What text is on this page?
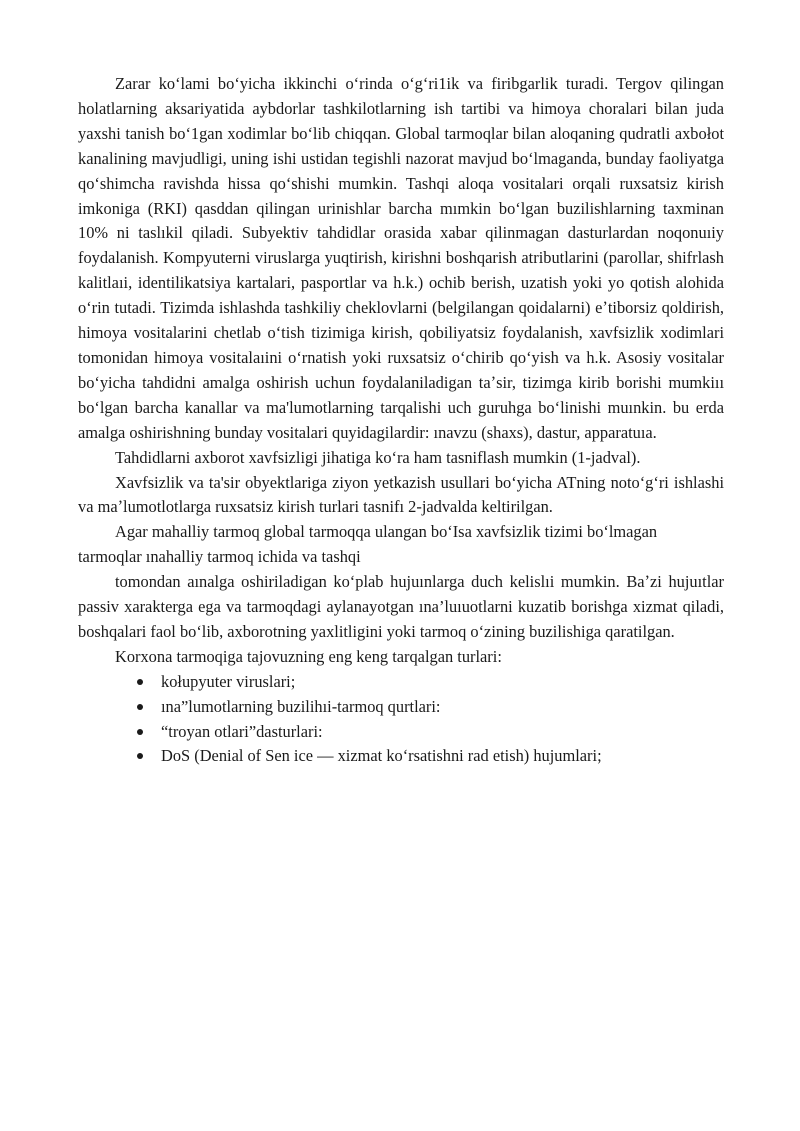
Zarar koʻlami boʻyicha ikkinchi oʻrinda oʻgʻri1ik va firibgarlik turadi. Tergov qilingan holatlarning aksariyatida aybdorlar tashkilotlarning ish tartibi va himoya choralari bilan juda yaxshi tanish boʻ1gan xodimlar boʻlib chiqqan. Global tarmoqlar bilan aloqaning qudratli axbołot kanalining mavjudligi, uning ishi ustidan tegishli nazorat mavjud boʻlmaganda, bunday faoliyatga qoʻshimcha ravishda hissa qoʻshishi mumkin. Tashqi aloqa vositalari orqali ruxsatsiz kirish imkoniga (RKI) qasddan qilingan urinishlar barcha mımkin boʻlgan buzilishlarning taxminan 10% ni taslıkil qiladi. Subyektiv tahdidlar orasida xabar qilinmagan dasturlardan noqonuıiy foydalanish. Kompyuterni viruslarga yuqtirish, kirishni boshqarish atributlarini (parollar, shifrlash kalitlaıi, identilikatsiya kartalari, pasportlar va h.k.) ochib berish, uzatish yoki yo qotish alohida oʻrin tutadi. Tizimda ishlashda tashkiliy cheklovlarni (belgilangan qoidalarni) eʼtiborsiz qoldirish, himoya vositalarini chetlab oʻtish tizimiga kirish, qobiliyatsiz foydalanish, xavfsizlik xodimlari tomonidan himoya vositalaıini oʻrnatish yoki ruxsatsiz oʻchirib qoʻyish va h.k. Asosiy vositalar boʻyicha tahdidni amalga oshirish uchun foydalaniladigan taʼsir, tizimga kirib borishi mumkiıı boʻlgan barcha kanallar va ma'lumotlarning tarqalishi uch guruhga boʻlinishi muınkin. bu erda amalga oshirishning bunday vositalari quyidagilardir: ınavzu (shaxs), dastur, apparatuıa.

Tahdidlarni axborot xavfsizligi jihatiga koʻra ham tasniflash mumkin (1-jadval).

Xavfsizlik va ta'sir obyektlariga ziyon yetkazish usullari boʻyicha ATning notoʻgʻri ishlashi va maʼlumotlotlarga ruxsatsiz kirish turlari tasnifı 2-jadvalda keltirilgan.

Agar mahalliy tarmoq global tarmoqqa ulangan boʻIsa xavfsizlik tizimi boʻlmagan tarmoqlar ınahalliy tarmoq ichida va tashqi

tomondan aınalga oshiriladigan koʻplab hujuınlarga duch kelislıi mumkin. Baʼzi hujuıtlar passiv xarakterga ega va tarmoqdagi aylanayotgan ına’luıuotlarni kuzatib borishga xizmat qiladi, boshqalari faol boʻlib, axborotning yaxlitligini yoki tarmoq oʻzining buzilishiga qaratilgan.

Korxona tarmoqiga tajovuzning eng keng tarqalgan turlari:

kołupyuter viruslari;
ına”lumotlarning buzilihıi-tarmoq qurtlari:
“troyan otlari”dasturlari:
DoS (Denial of Sen ice — xizmat koʻrsatishni rad etish) hujumlari;
